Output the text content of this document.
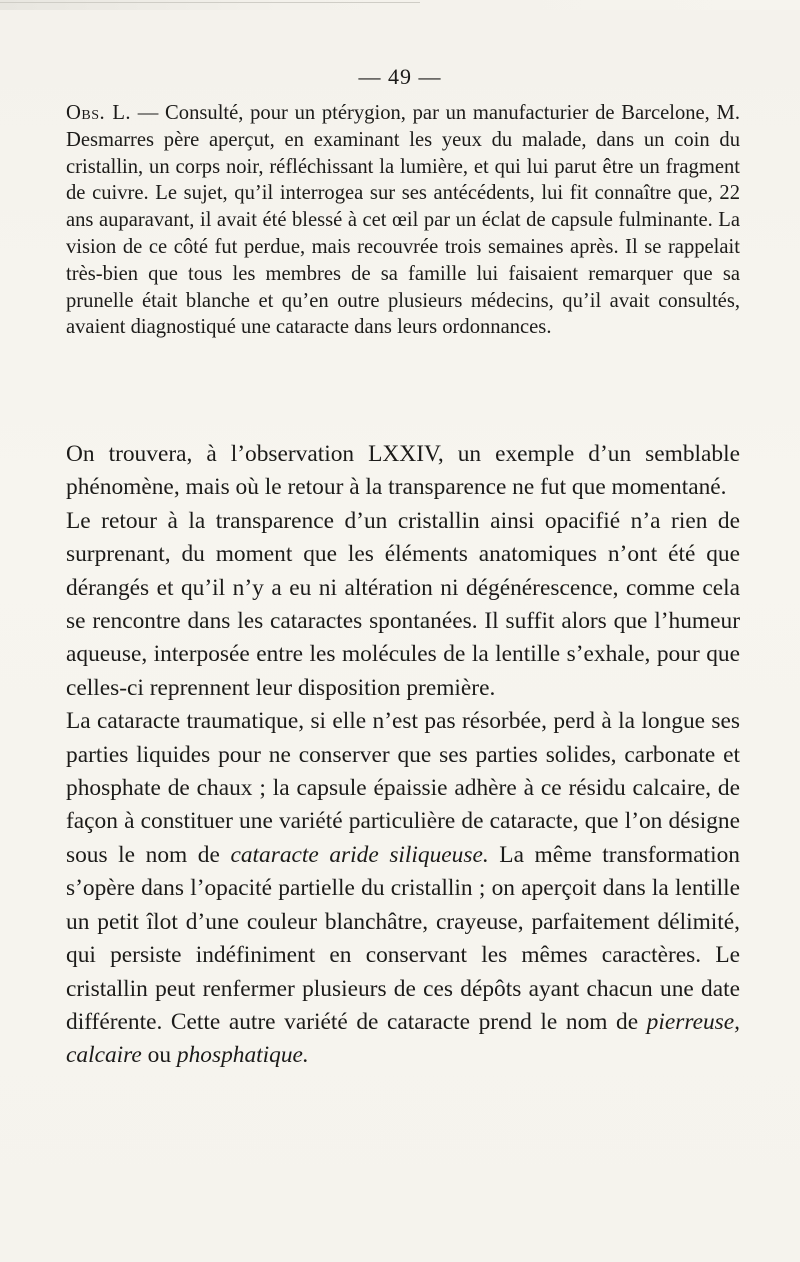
— 49 —

Obs. L. — Consulté, pour un ptérygion, par un manufacturier de Barcelone, M. Desmarres père aperçut, en examinant les yeux du malade, dans un coin du cristallin, un corps noir, réfléchissant la lumière, et qui lui parut être un fragment de cuivre. Le sujet, qu’il interrogea sur ses antécédents, lui fit connaître que, 22 ans auparavant, il avait été blessé à cet œil par un éclat de capsule fulminante. La vision de ce côté fut perdue, mais recouvrée trois semaines après. Il se rappelait très-bien que tous les membres de sa famille lui faisaient remarquer que sa prunelle était blanche et qu’en outre plusieurs médecins, qu’il avait consultés, avaient diagnostiqué une cataracte dans leurs ordonnances.

On trouvera, à l’observation LXXIV, un exemple d’un semblable phénomène, mais où le retour à la transparence ne fut que momentané.

Le retour à la transparence d’un cristallin ainsi opacifié n’a rien de surprenant, du moment que les éléments anatomiques n’ont été que dérangés et qu’il n’y a eu ni altération ni dégénérescence, comme cela se rencontre dans les cataractes spontanées. Il suffit alors que l’humeur aqueuse, interposée entre les molécules de la lentille s’exhale, pour que celles-ci reprennent leur disposition première.

La cataracte traumatique, si elle n’est pas résorbée, perd à la longue ses parties liquides pour ne conserver que ses parties solides, carbonate et phosphate de chaux ; la capsule épaissie adhère à ce résidu calcaire, de façon à constituer une variété particulière de cataracte, que l’on désigne sous le nom de cataracte aride siliqueuse. La même transformation s’opère dans l’opacité partielle du cristallin ; on aperçoit dans la lentille un petit îlot d’une couleur blanchâtre, crayeuse, parfaitement délimité, qui persiste indéfiniment en conservant les mêmes caractères. Le cristallin peut renfermer plusieurs de ces dépôts ayant chacun une date différente. Cette autre variété de cataracte prend le nom de pierreuse, calcaire ou phosphatique.
